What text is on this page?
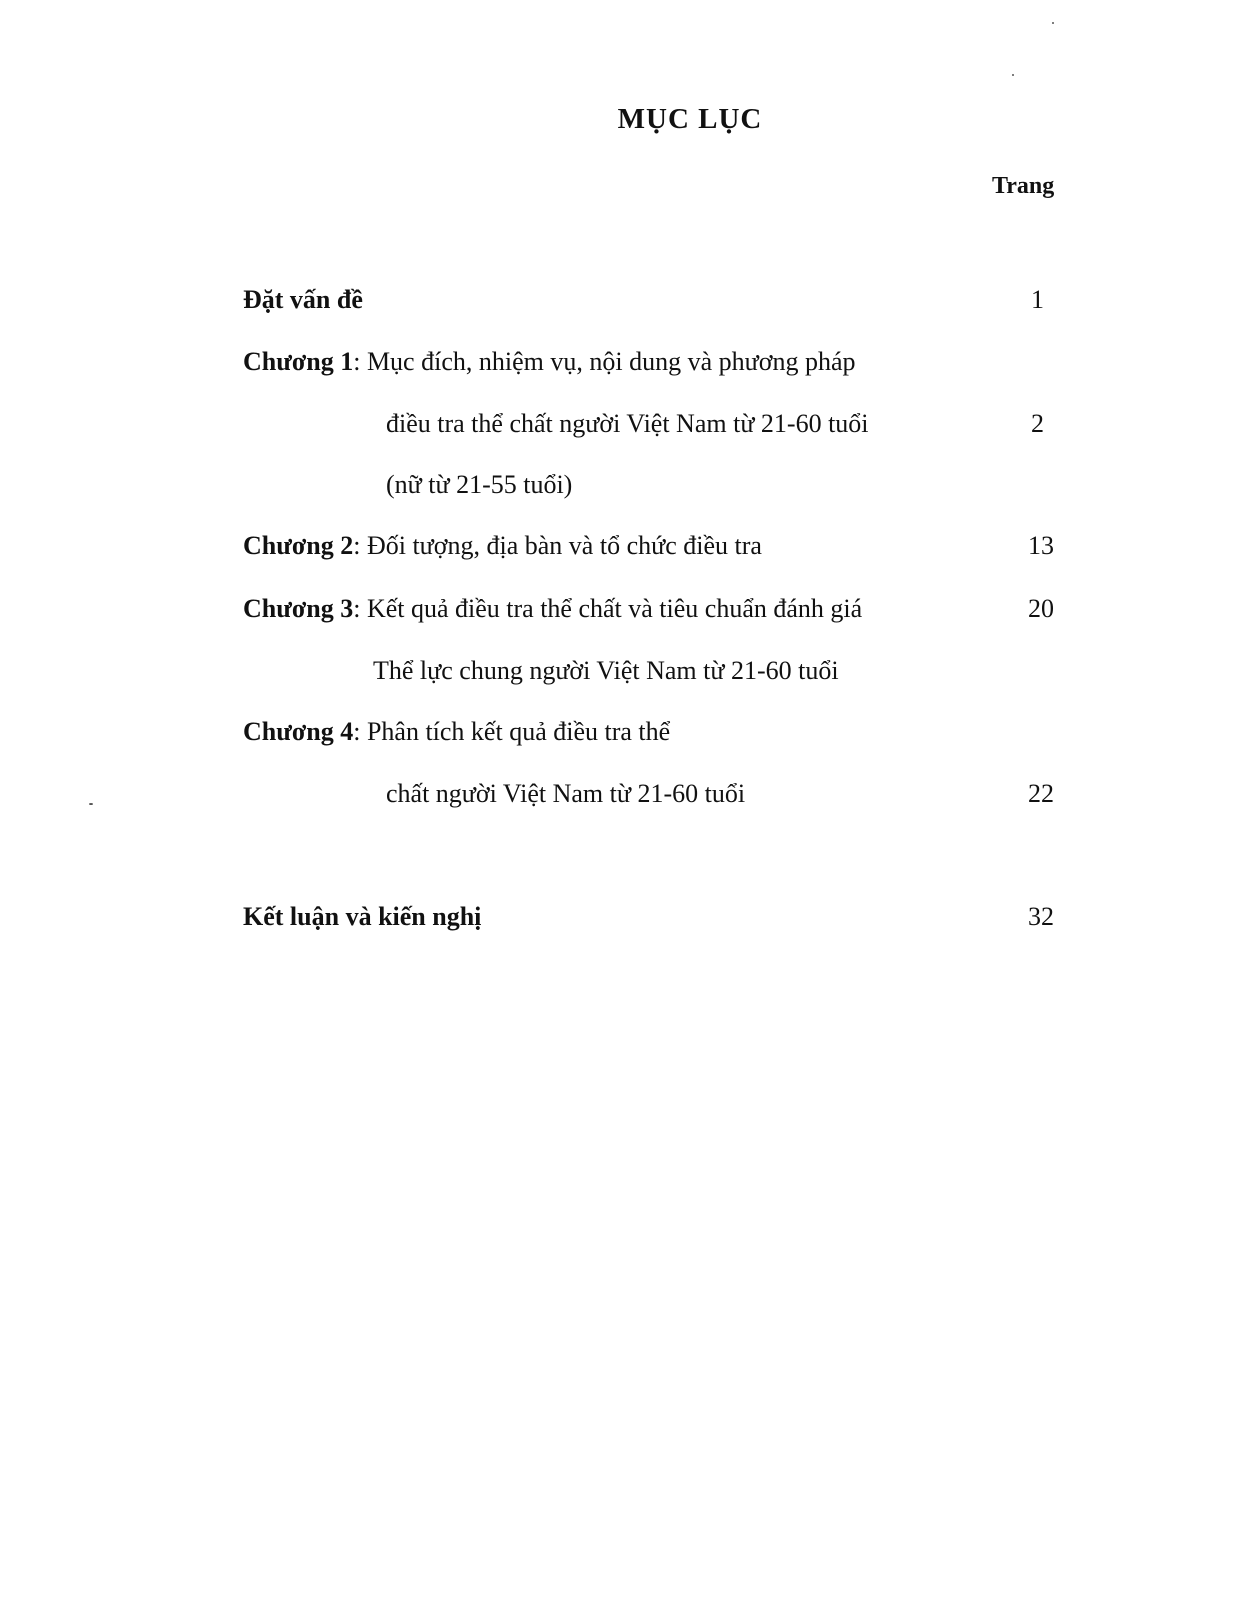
MỤC LỤC
Trang
Đặt vấn đề	1
Chương 1: Mục đích, nhiệm vụ, nội dung và phương pháp
điều tra thể chất người Việt Nam từ 21-60 tuổi	2
(nữ từ 21-55 tuổi)
Chương 2: Đối tượng, địa bàn và tổ chức điều tra	13
Chương 3: Kết quả điều tra thể chất và tiêu chuẩn đánh giá	20
Thể lực chung người Việt Nam từ 21-60 tuổi
Chương 4: Phân tích kết quả điều tra thể
chất người Việt Nam từ 21-60 tuổi	22
Kết luận và kiến nghị	32
